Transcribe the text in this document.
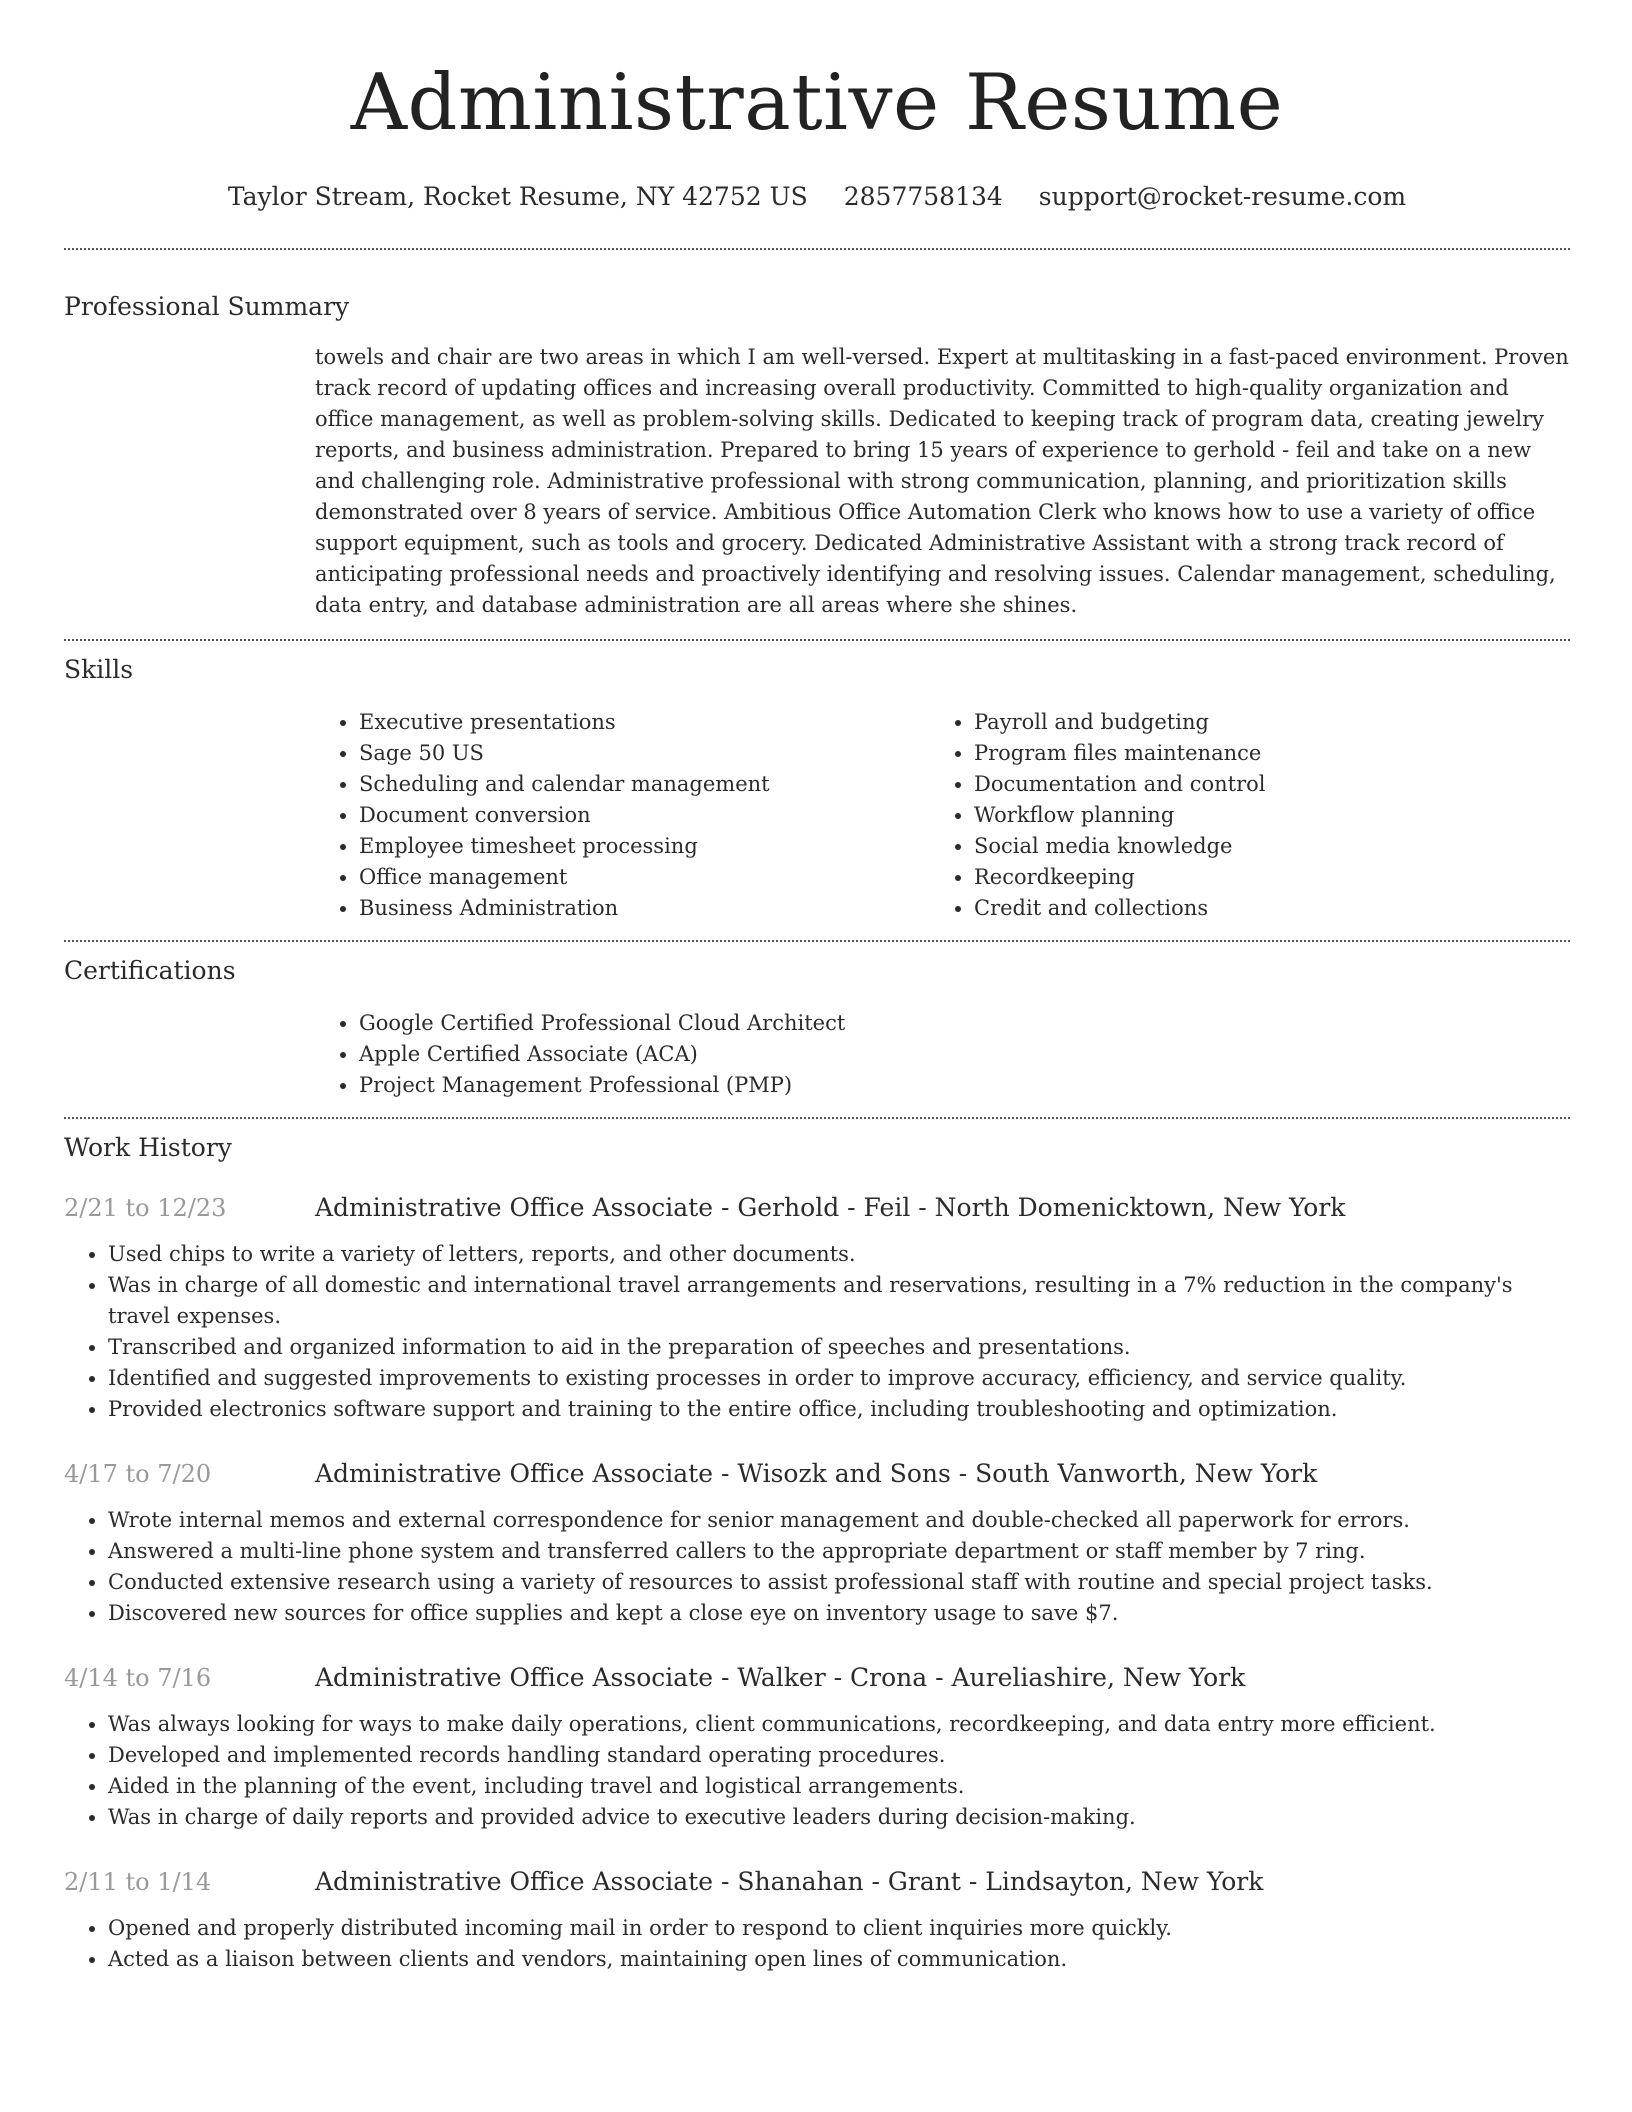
Administrative Resume
Taylor Stream, Rocket Resume, NY 42752 US 2857758134 support@rocket-resume.com
Professional Summary
towels and chair are two areas in which I am well-versed. Expert at multitasking in a fast-paced environment. Proven track record of updating offices and increasing overall productivity. Committed to high-quality organization and office management, as well as problem-solving skills. Dedicated to keeping track of program data, creating jewelry reports, and business administration. Prepared to bring 15 years of experience to gerhold - feil and take on a new and challenging role. Administrative professional with strong communication, planning, and prioritization skills demonstrated over 8 years of service. Ambitious Office Automation Clerk who knows how to use a variety of office support equipment, such as tools and grocery. Dedicated Administrative Assistant with a strong track record of anticipating professional needs and proactively identifying and resolving issues. Calendar management, scheduling, data entry, and database administration are all areas where she shines.
Skills
• Executive presentations
• Sage 50 US
• Scheduling and calendar management
• Document conversion
• Employee timesheet processing
• Office management
• Business Administration
• Payroll and budgeting
• Program files maintenance
• Documentation and control
• Workflow planning
• Social media knowledge
• Recordkeeping
• Credit and collections
Certifications
• Google Certified Professional Cloud Architect
• Apple Certified Associate (ACA)
• Project Management Professional (PMP)
Work History
2/21 to 12/23	Administrative Office Associate - Gerhold - Feil - North Domenicktown, New York
• Used chips to write a variety of letters, reports, and other documents.
• Was in charge of all domestic and international travel arrangements and reservations, resulting in a 7% reduction in the company's travel expenses.
• Transcribed and organized information to aid in the preparation of speeches and presentations.
• Identified and suggested improvements to existing processes in order to improve accuracy, efficiency, and service quality.
• Provided electronics software support and training to the entire office, including troubleshooting and optimization.
4/17 to 7/20	Administrative Office Associate - Wisozk and Sons - South Vanworth, New York
• Wrote internal memos and external correspondence for senior management and double-checked all paperwork for errors.
• Answered a multi-line phone system and transferred callers to the appropriate department or staff member by 7 ring.
• Conducted extensive research using a variety of resources to assist professional staff with routine and special project tasks.
• Discovered new sources for office supplies and kept a close eye on inventory usage to save $7.
4/14 to 7/16	Administrative Office Associate - Walker - Crona - Aureliashire, New York
• Was always looking for ways to make daily operations, client communications, recordkeeping, and data entry more efficient.
• Developed and implemented records handling standard operating procedures.
• Aided in the planning of the event, including travel and logistical arrangements.
• Was in charge of daily reports and provided advice to executive leaders during decision-making.
2/11 to 1/14	Administrative Office Associate - Shanahan - Grant - Lindsayton, New York
• Opened and properly distributed incoming mail in order to respond to client inquiries more quickly.
• Acted as a liaison between clients and vendors, maintaining open lines of communication.
